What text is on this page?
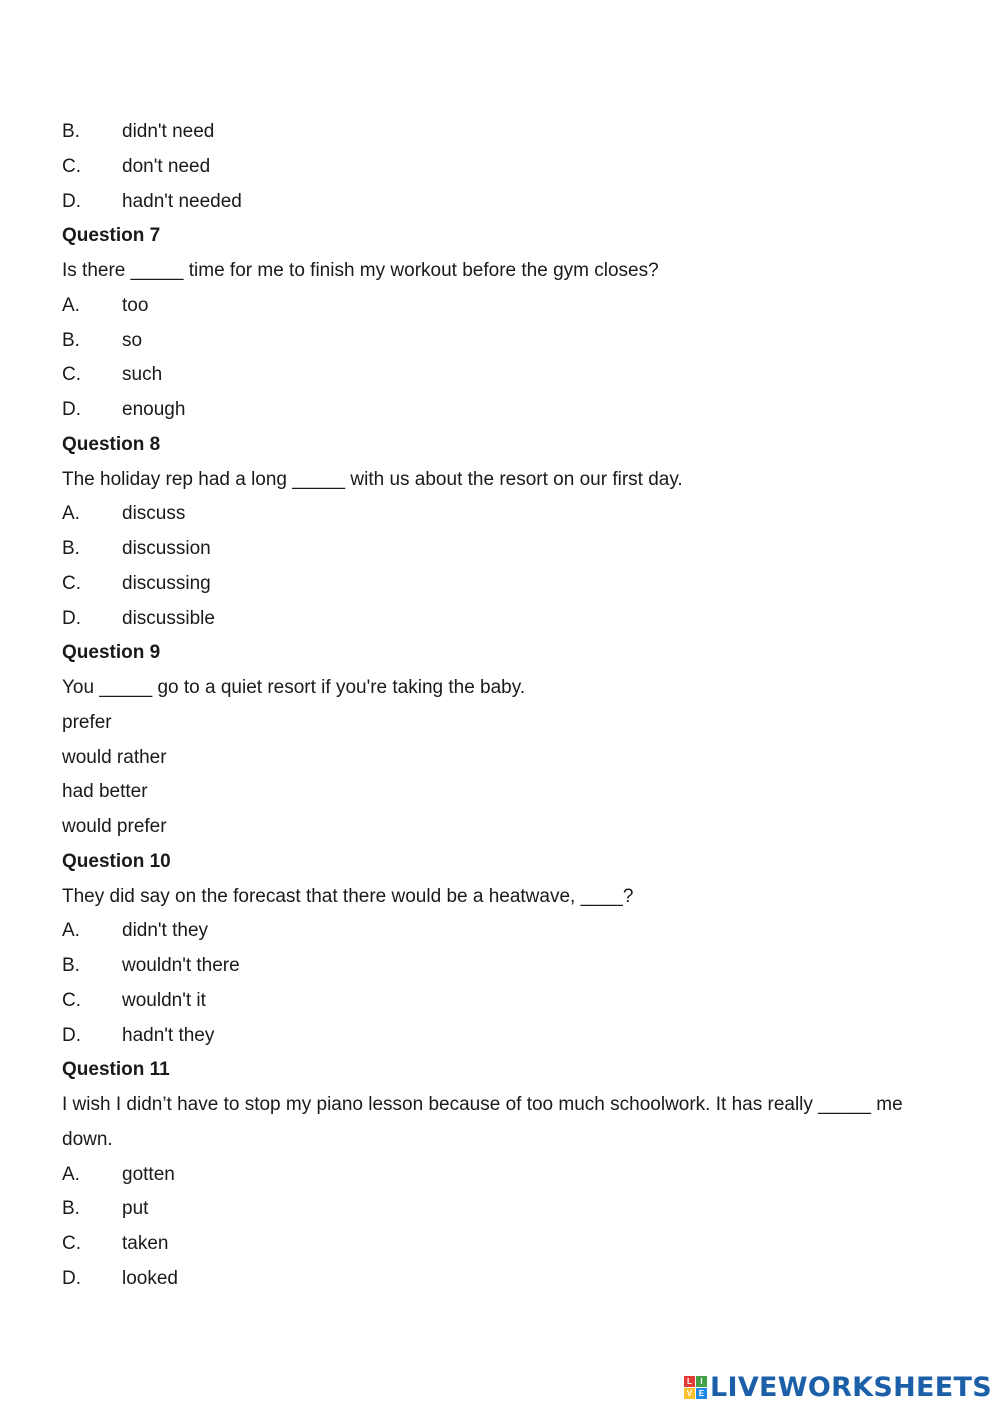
B. didn't need
C. don't need
D. hadn't needed
Question 7
Is there _____ time for me to finish my workout before the gym closes?
A. too
B. so
C. such
D. enough
Question 8
The holiday rep had a long _____ with us about the resort on our first day.
A. discuss
B. discussion
C. discussing
D. discussible
Question 9
You _____ go to a quiet resort if you're taking the baby.
prefer
would rather
had better
would prefer
Question 10
They did say on the forecast that there would be a heatwave, ____?
A. didn't they
B. wouldn't there
C. wouldn't it
D. hadn't they
Question 11
I wish I didn’t have to stop my piano lesson because of too much schoolwork. It has really _____ me down.
A. gotten
B. put
C. taken
D. looked
L	I
V E LIVEWORKSHEETS
